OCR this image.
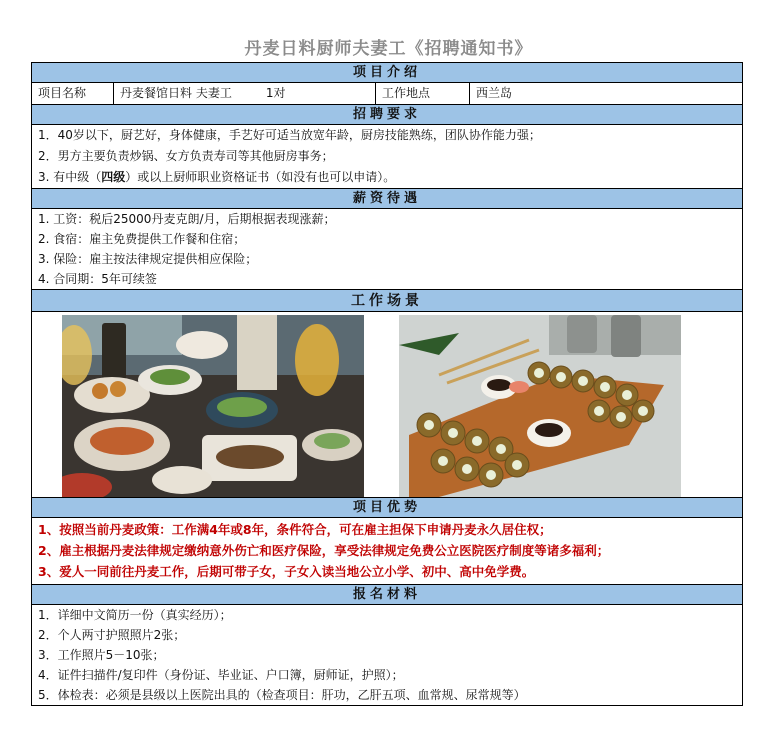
丹麦日料厨师夫妻工《招聘通知书》
项目介绍
项目名称	丹麦餐馆日料 夫妻工	1对	工作地点	西兰岛
招聘要求
1．40岁以下，厨艺好，身体健康，手艺好可适当放宽年龄，厨房技能熟练，团队协作能力强；
2．男方主要负责炒锅、女方负责寿司等其他厨房事务；
3. 有中级（四级）或以上厨师职业资格证书（如没有也可以申请）。
薪资待遇
1. 工资：税后25000丹麦克朗/月，后期根据表现涨薪；
2. 食宿：雇主免费提供工作餐和住宿；
3. 保险：雇主按法律规定提供相应保险；
4. 合同期：5年可续签
工作场景
项目优势
1、按照当前丹麦政策：工作满4年或8年，条件符合，可在雇主担保下申请丹麦永久居住权；
2、雇主根据丹麦法律规定缴纳意外伤亡和医疗保险，享受法律规定免费公立医院医疗制度等诸多福利；
3、爱人一同前往丹麦工作，后期可带子女，子女入读当地公立小学、初中、高中免学费。
报名材料
1．详细中文简历一份（真实经历）；
2．个人两寸护照照片2张；
3．工作照片5－10张；
4．证件扫描件/复印件（身份证、毕业证、户口簿，厨师证，护照）；
5．体检表：必须是县级以上医院出具的（检查项目：肝功，乙肝五项、血常规、尿常规等）
